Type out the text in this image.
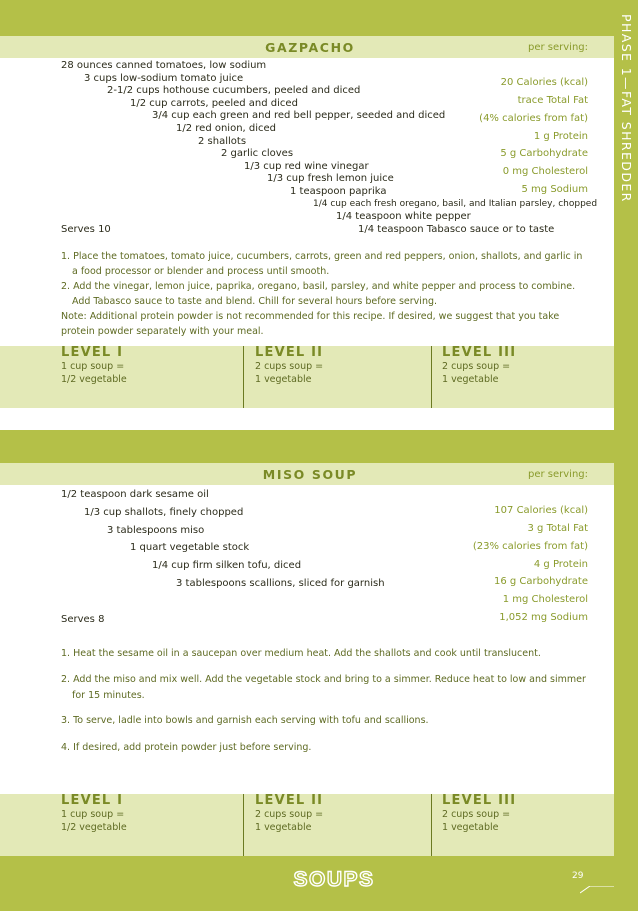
PHASE 1—FAT SHREDDER
GAZPACHO	per serving:
28 ounces canned tomatoes, low sodium
3 cups low-sodium tomato juice
2-1/2 cups hothouse cucumbers, peeled and diced
1/2 cup carrots, peeled and diced
3/4 cup each green and red bell pepper, seeded and diced
1/2 red onion, diced
2 shallots
2 garlic cloves
1/3 cup red wine vinegar
1/3 cup fresh lemon juice
1 teaspoon paprika
1/4 cup each fresh oregano, basil, and Italian parsley, chopped
1/4 teaspoon white pepper
1/4 teaspoon Tabasco sauce or to taste
20 Calories (kcal)
trace Total Fat
(4% calories from fat)
1 g Protein
5 g Carbohydrate
0 mg Cholesterol
5 mg Sodium
Serves 10
1. Place the tomatoes, tomato juice, cucumbers, carrots, green and red peppers, onion, shallots, and garlic in a food processor or blender and process until smooth.
2. Add the vinegar, lemon juice, paprika, oregano, basil, parsley, and white pepper and process to combine. Add Tabasco sauce to taste and blend. Chill for several hours before serving.
Note: Additional protein powder is not recommended for this recipe. If desired, we suggest that you take protein powder separately with your meal.
LEVEL I
1 cup soup =
1/2 vegetable
LEVEL II
2 cups soup =
1 vegetable
LEVEL III
2 cups soup =
1 vegetable
MISO SOUP	per serving:
1/2 teaspoon dark sesame oil
1/3 cup shallots, finely chopped
3 tablespoons miso
1 quart vegetable stock
1/4 cup firm silken tofu, diced
3 tablespoons scallions, sliced for garnish
107 Calories (kcal)
3 g Total Fat
(23% calories from fat)
4 g Protein
16 g Carbohydrate
1 mg Cholesterol
1,052 mg Sodium
Serves 8
1. Heat the sesame oil in a saucepan over medium heat. Add the shallots and cook until translucent.
2. Add the miso and mix well. Add the vegetable stock and bring to a simmer. Reduce heat to low and simmer for 15 minutes.
3. To serve, ladle into bowls and garnish each serving with tofu and scallions.
4. If desired, add protein powder just before serving.
LEVEL I
1 cup soup =
1/2 vegetable
LEVEL II
2 cups soup =
1 vegetable
LEVEL III
2 cups soup =
1 vegetable
SOUPS	29
